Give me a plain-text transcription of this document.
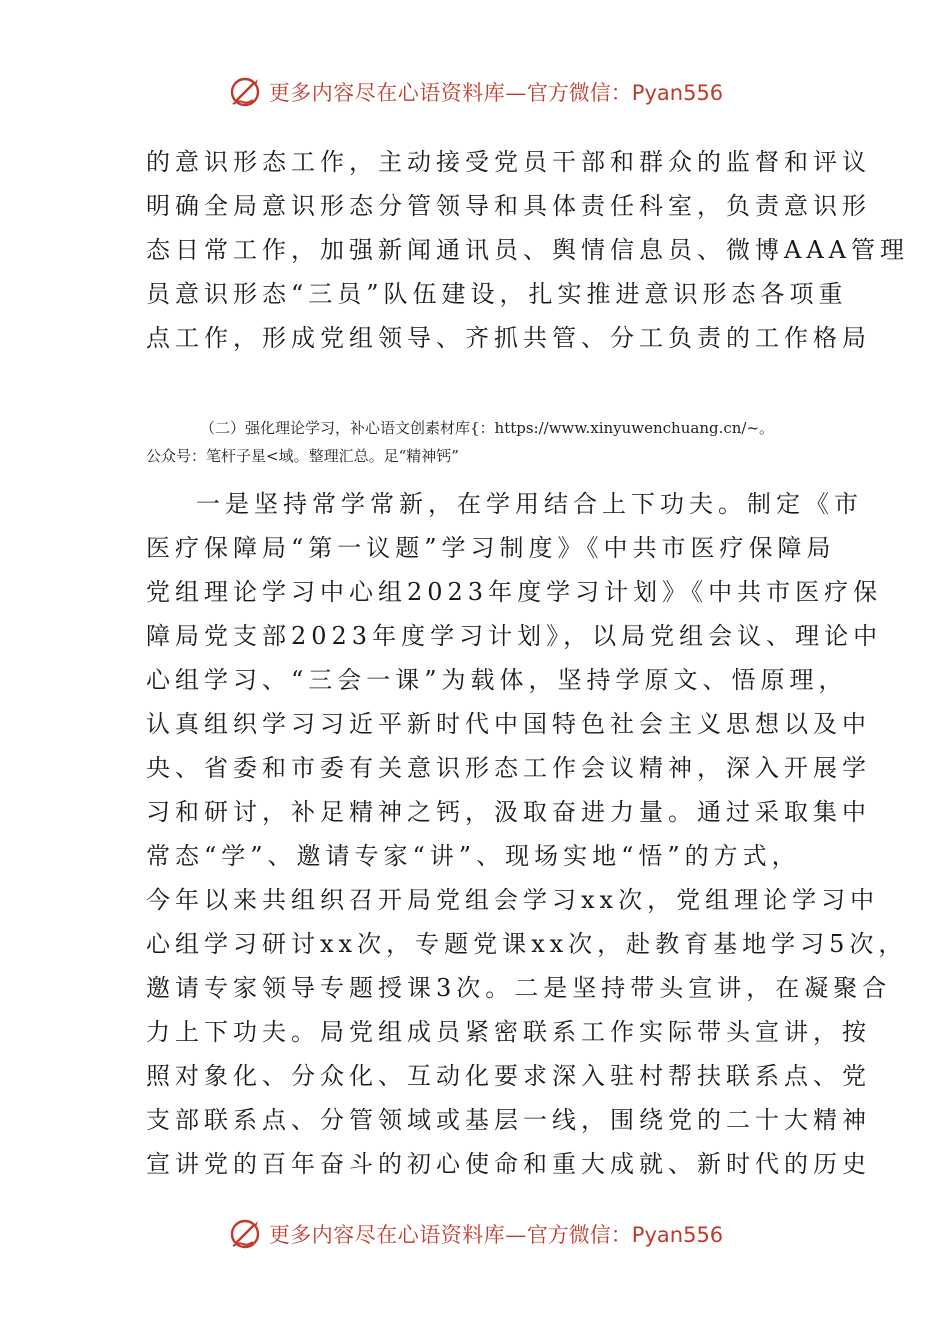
更多内容尽在心语资料库— 官方微信：Pyan556

的意识形态工作，主动接受党员干部和群众的监督和评议

明确全局意识形态分管领导和具体责任科室，负责意识形

态日常工作，加强新闻通讯员、舆情信息员、微博AAA管理

员意识形态“三员”队伍建设，扎实推进意识形态各项重

点工作，形成党组领导、齐抓共管、分工负责的工作格局

（二）强化理论学习，补心语文创素材库{：https://www.xinyuwenchuang.cn/~。

公众号：笔杆子星<域。整理汇总。足“精神钙”

一是坚持常学常新，在学用结合上下功夫。制定《市

医疗保障局“第一议题”学习制度》《中共市医疗保障局

党组理论学习中心组2023年度学习计划》《中共市医疗保

障局党支部2023年度学习计划》，以局党组会议、理论中

心组学习、“三会一课”为载体，坚持学原文、悟原理，

认真组织学习习近平新时代中国特色社会主义思想以及中

央、省委和市委有关意识形态工作会议精神，深入开展学

习和研讨，补足精神之钙，汲取奋进力量。通过采取集中

常态“学”、邀请专家“讲”、现场实地“悟”的方式，

今年以来共组织召开局党组会学习xx次，党组理论学习中

心组学习研讨xx次，专题党课xx次，赴教育基地学习5次，

邀请专家领导专题授课3次。二是坚持带头宣讲，在凝聚合

力上下功夫。局党组成员紧密联系工作实际带头宣讲，按

照对象化、分众化、互动化要求深入驻村帮扶联系点、党

支部联系点、分管领域或基层一线，围绕党的二十大精神

宣讲党的百年奋斗的初心使命和重大成就、新时代的历史

更多内容尽在心语资料库— 官方微信：Pyan556
